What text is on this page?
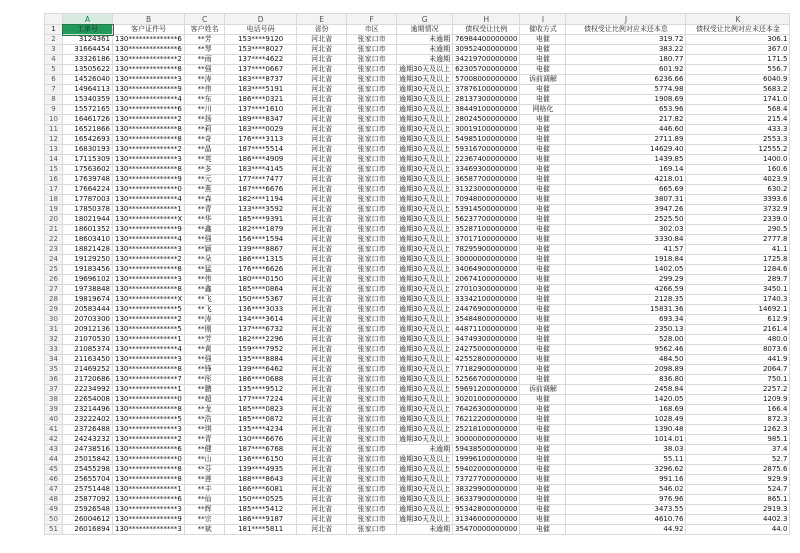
	A	B	C	D	E	F	G	H	I	J	K
1	工单号	客户证件号	客户姓名	电话号码	省份	市区	逾期情况	债权受让比例	催收方式	债权受让比例对应未还本息	债权受让比例对应未还本金
2	3124361	130**************6	**芳	153****9120	河北省	张家口市	未逾期	76984400000000	电催	319.72	306.1
3	31664454	130**************6	**琴	153****8027	河北省	张家口市	未逾期	30952400000000	电催	383.22	367.0
4	33326186	130**************2	**雨	137****4622	河北省	张家口市	未逾期	34219700000000	电催	180.77	171.5
5	13505622	130**************8	**强	137****0667	河北省	张家口市	逾期30天及以上	62305700000000	电催	601.92	556.7
6	14526040	130**************3	**涛	183****8737	河北省	张家口市	逾期30天及以上	57008000000000	诉前调解	6236.66	6040.9
7	14964113	130**************9	**伟	183****5191	河北省	张家口市	逾期30天及以上	37876100000000	电催	5774.98	5683.2
8	15340359	130**************4	**东	186****0321	河北省	张家口市	逾期30天及以上	28137300000000	电催	1908.69	1741.0
9	15572165	130**************6	**川	137****1610	河北省	张家口市	逾期30天及以上	38449100000000	网格化	653.96	568.4
10	16461726	130**************2	**扬	189****8347	河北省	张家口市	逾期30天及以上	28024500000000	电催	217.82	215.4
11	16521866	130**************8	**莉	183****0029	河北省	张家口市	逾期30天及以上	30019100000000	电催	446.60	433.3
12	16542693	130**************8	**奇	176****3113	河北省	张家口市	逾期30天及以上	54985100000000	电催	2711.89	2553.3
13	16830193	130**************2	**晶	187****5514	河北省	张家口市	逾期30天及以上	59316700000000	电催	14629.40	12555.2
14	17115309	130**************3	**英	186****4909	河北省	张家口市	逾期30天及以上	22367400000000	电催	1439.85	1400.0
15	17563602	130**************8	**多	183****4145	河北省	张家口市	逾期30天及以上	33469300000000	电催	169.14	160.6
16	17639748	130**************9	**元	177****7477	河北省	张家口市	逾期30天及以上	36587700000000	电催	4218.01	4023.9
17	17664224	130**************0	**燕	187****6676	河北省	张家口市	逾期30天及以上	31323000000000	电催	665.69	630.2
18	17787003	130**************4	**森	182****1194	河北省	张家口市	逾期30天及以上	70948000000000	电催	3807.31	3393.6
19	17850378	130**************1	**青	133****3592	河北省	张家口市	逾期30天及以上	53914500000000	电催	3947.26	3732.9
20	18021944	130**************X	**华	185****9391	河北省	张家口市	逾期30天及以上	56237700000000	电催	2525.50	2339.0
21	18601352	130**************9	**鑫	182****1879	河北省	张家口市	逾期30天及以上	35287100000000	电催	302.03	290.5
22	18603410	130**************4	**强	156****1594	河北省	张家口市	逾期30天及以上	37017100000000	电催	3330.84	2777.8
23	18821428	130**************3	**颖	139****8867	河北省	张家口市	逾期30天及以上	78295900000000	电催	41.57	41.1
24	19129250	130**************2	**朵	186****1315	河北省	张家口市	逾期30天及以上	30000000000000	电催	1918.84	1725.8
25	19183456	130**************8	**猛	176****6626	河北省	张家口市	逾期30天及以上	34064900000000	电催	1402.05	1284.6
26	19696102	130**************3	**伟	180****0150	河北省	张家口市	逾期30天及以上	20674100000000	电催	299.29	289.7
27	19738848	130**************8	**鑫	185****0864	河北省	张家口市	逾期30天及以上	27010300000000	电催	4266.59	3450.1
28	19819674	130**************X	**飞	150****5367	河北省	张家口市	逾期30天及以上	33342100000000	电催	2128.35	1740.3
29	20583444	130**************5	**飞	136****3033	河北省	张家口市	逾期30天及以上	24476900000000	电催	15831.36	14692.1
30	20703300	130**************2	**涛	134****3614	河北省	张家口市	逾期30天及以上	35484800000000	电催	693.34	612.9
31	20912136	130**************5	**刚	137****6732	河北省	张家口市	逾期30天及以上	44871100000000	电催	2350.13	2161.4
32	21070530	130**************1	**芳	182****2296	河北省	张家口市	逾期30天及以上	34749300000000	电催	528.00	480.0
33	21085374	130**************4	**黄	159****7952	河北省	张家口市	逾期30天及以上	24275000000000	电催	9562.46	8073.6
34	21163450	130**************3	**强	135****8884	河北省	张家口市	逾期30天及以上	42552800000000	电催	484.50	441.9
35	21469252	130**************8	**锋	139****6462	河北省	张家口市	逾期30天及以上	77182900000000	电催	2098.89	2064.7
36	21720686	130**************7	**彤	186****0688	河北省	张家口市	逾期30天及以上	52566700000000	电催	836.80	750.1
37	22234992	130**************1	**鹏	135****9512	河北省	张家口市	逾期30天及以上	59691200000000	诉前调解	2458.84	2257.2
38	22654008	130**************0	**超	177****7224	河北省	张家口市	逾期30天及以上	30201000000000	电催	1420.05	1209.9
39	23214496	130**************8	**龙	185****0823	河北省	张家口市	逾期30天及以上	76426300000000	电催	168.69	166.4
40	23222402	130**************5	**浩	185****0872	河北省	张家口市	逾期30天及以上	76212200000000	电催	1028.49	872.3
41	23726488	130**************3	**琪	135****4234	河北省	张家口市	逾期30天及以上	25218100000000	电催	1390.48	1262.3
42	24243232	130**************2	**青	130****6676	河北省	张家口市	逾期30天及以上	30000000000000	电催	1014.01	985.1
43	24738516	130**************6	**健	187****6768	河北省	张家口市	未逾期	59438500000000	电催	38.03	37.4
44	25015842	130**************0	**山	136****6150	河北省	张家口市	逾期30天及以上	19996100000000	电催	55.11	52.7
45	25455298	130**************8	**芬	139****4935	河北省	张家口市	逾期30天及以上	59402000000000	电催	3296.62	2875.6
46	25655704	130**************8	**莲	188****8643	河北省	张家口市	逾期30天及以上	73727700000000	电催	991.16	929.9
47	25751448	130**************1	**丰	186****6081	河北省	张家口市	逾期30天及以上	38329900000000	电催	546.02	524.7
48	25877092	130**************6	**仙	150****0525	河北省	张家口市	逾期30天及以上	36337900000000	电催	976.96	865.1
49	25926548	130**************3	**辉	185****5412	河北省	张家口市	逾期30天及以上	95342800000000	电催	3473.55	2919.3
50	26004612	130**************9	**宗	186****9187	河北省	张家口市	逾期30天及以上	31346000000000	电催	4610.76	4402.3
51	26016894	130**************3	**斌	181****5811	河北省	张家口市	未逾期	35470000000000	电催	44.92	44.0
